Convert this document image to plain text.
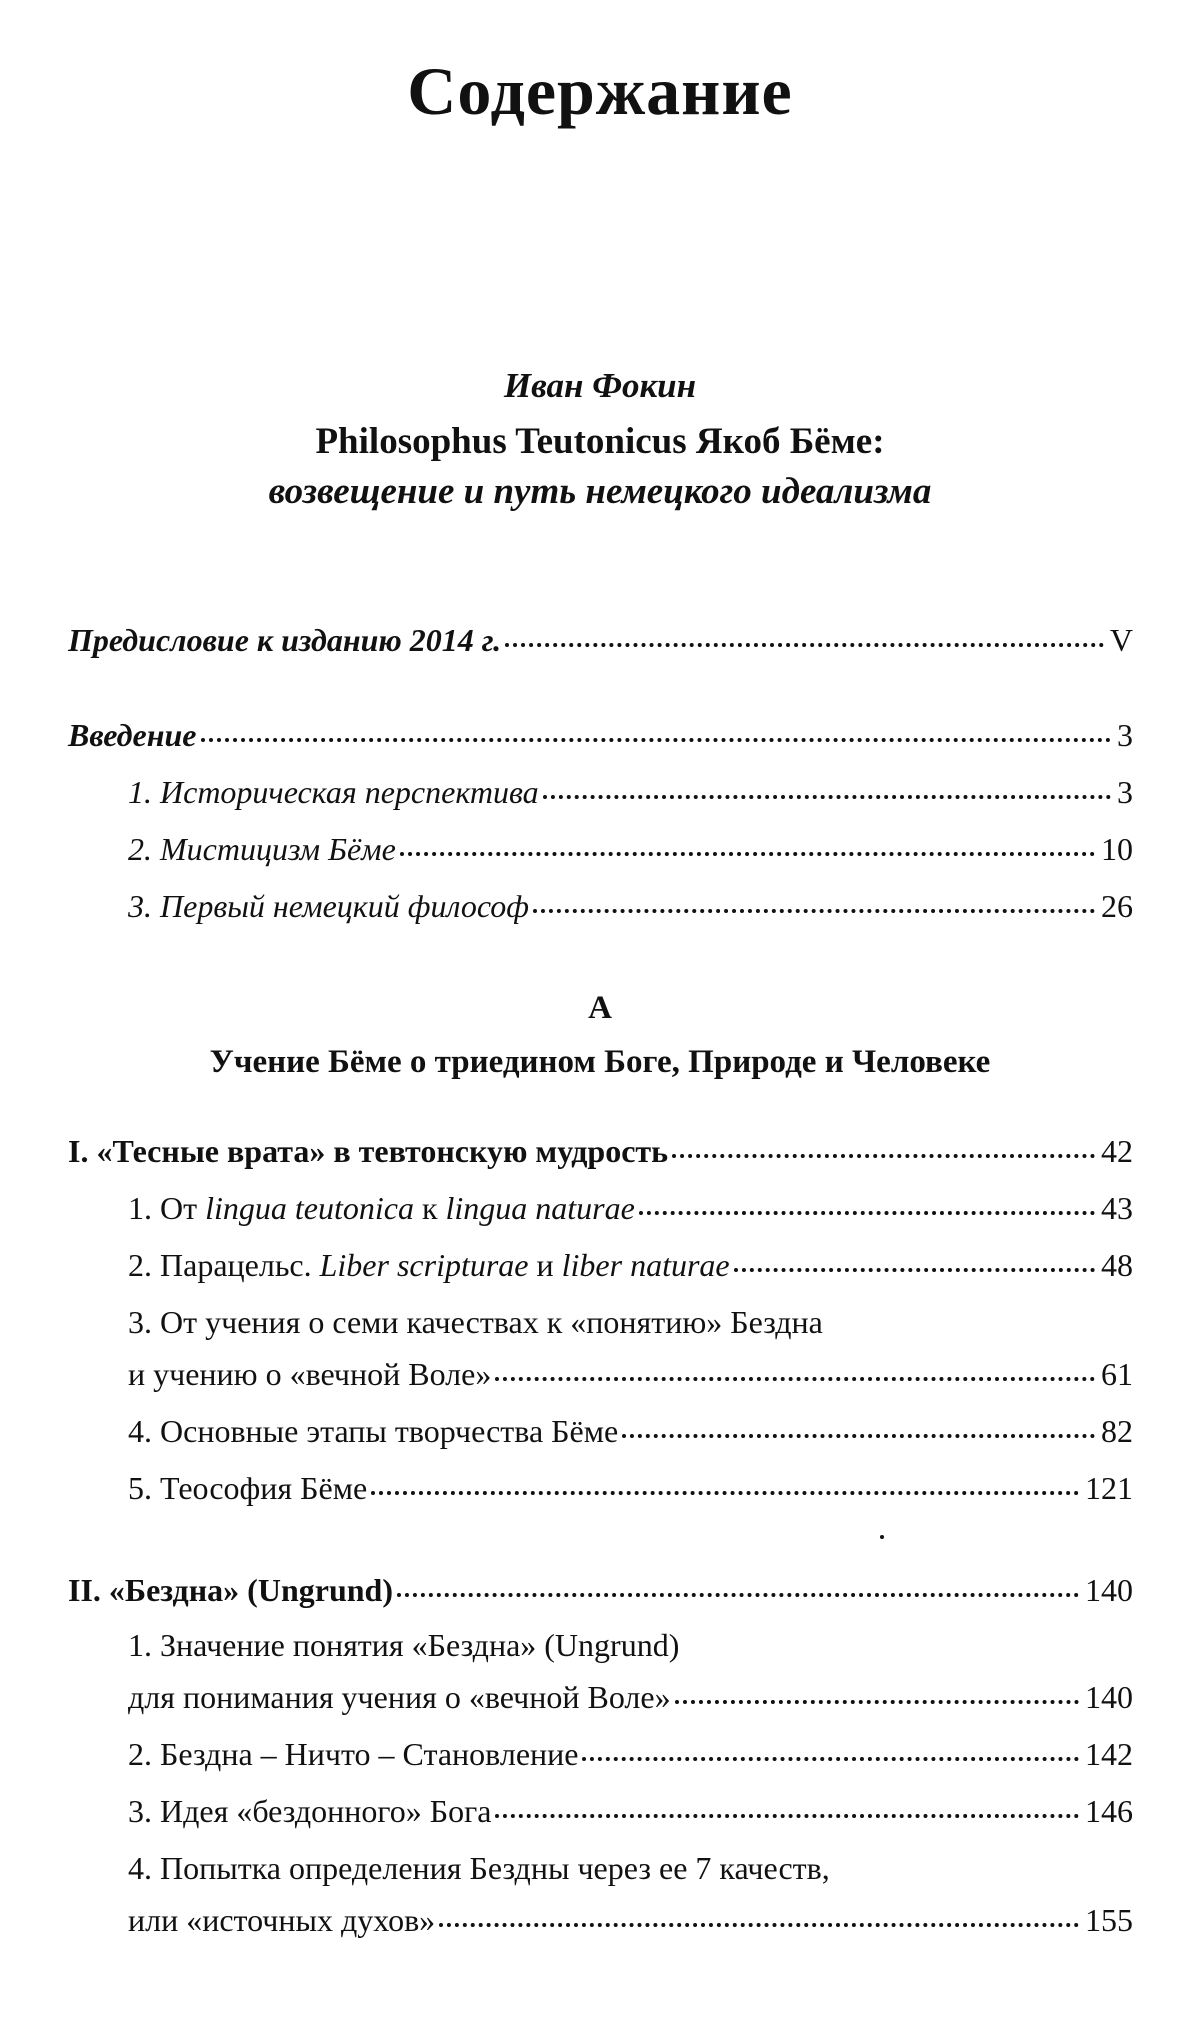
Содержание
Иван Фокин
Philosophus Teutonicus Якоб Бёме:
возвещение и путь немецкого идеализма
Предисловие к изданию 2014 г.	V
Введение	3
1. Историческая перспектива	3
2. Мистицизм Бёме	10
3. Первый немецкий философ	26
А
Учение Бёме о триедином Боге, Природе и Человеке
I. «Тесные врата» в тевтонскую мудрость	42
1. От lingua teutonica к lingua naturae	43
2. Парацельс. Liber scripturae и liber naturae	48
3. От учения о семи качествах к «понятию» Бездна
и учению о «вечной Воле»	61
4. Основные этапы творчества Бёме	82
5. Теософия Бёме	121
II. «Бездна» (Ungrund)	140
1. Значение понятия «Бездна» (Ungrund)
для понимания учения о «вечной Воле»	140
2. Бездна – Ничто – Становление	142
3. Идея «бездонного» Бога	146
4. Попытка определения Бездны через ее 7 качеств,
или «источных духов»	155
